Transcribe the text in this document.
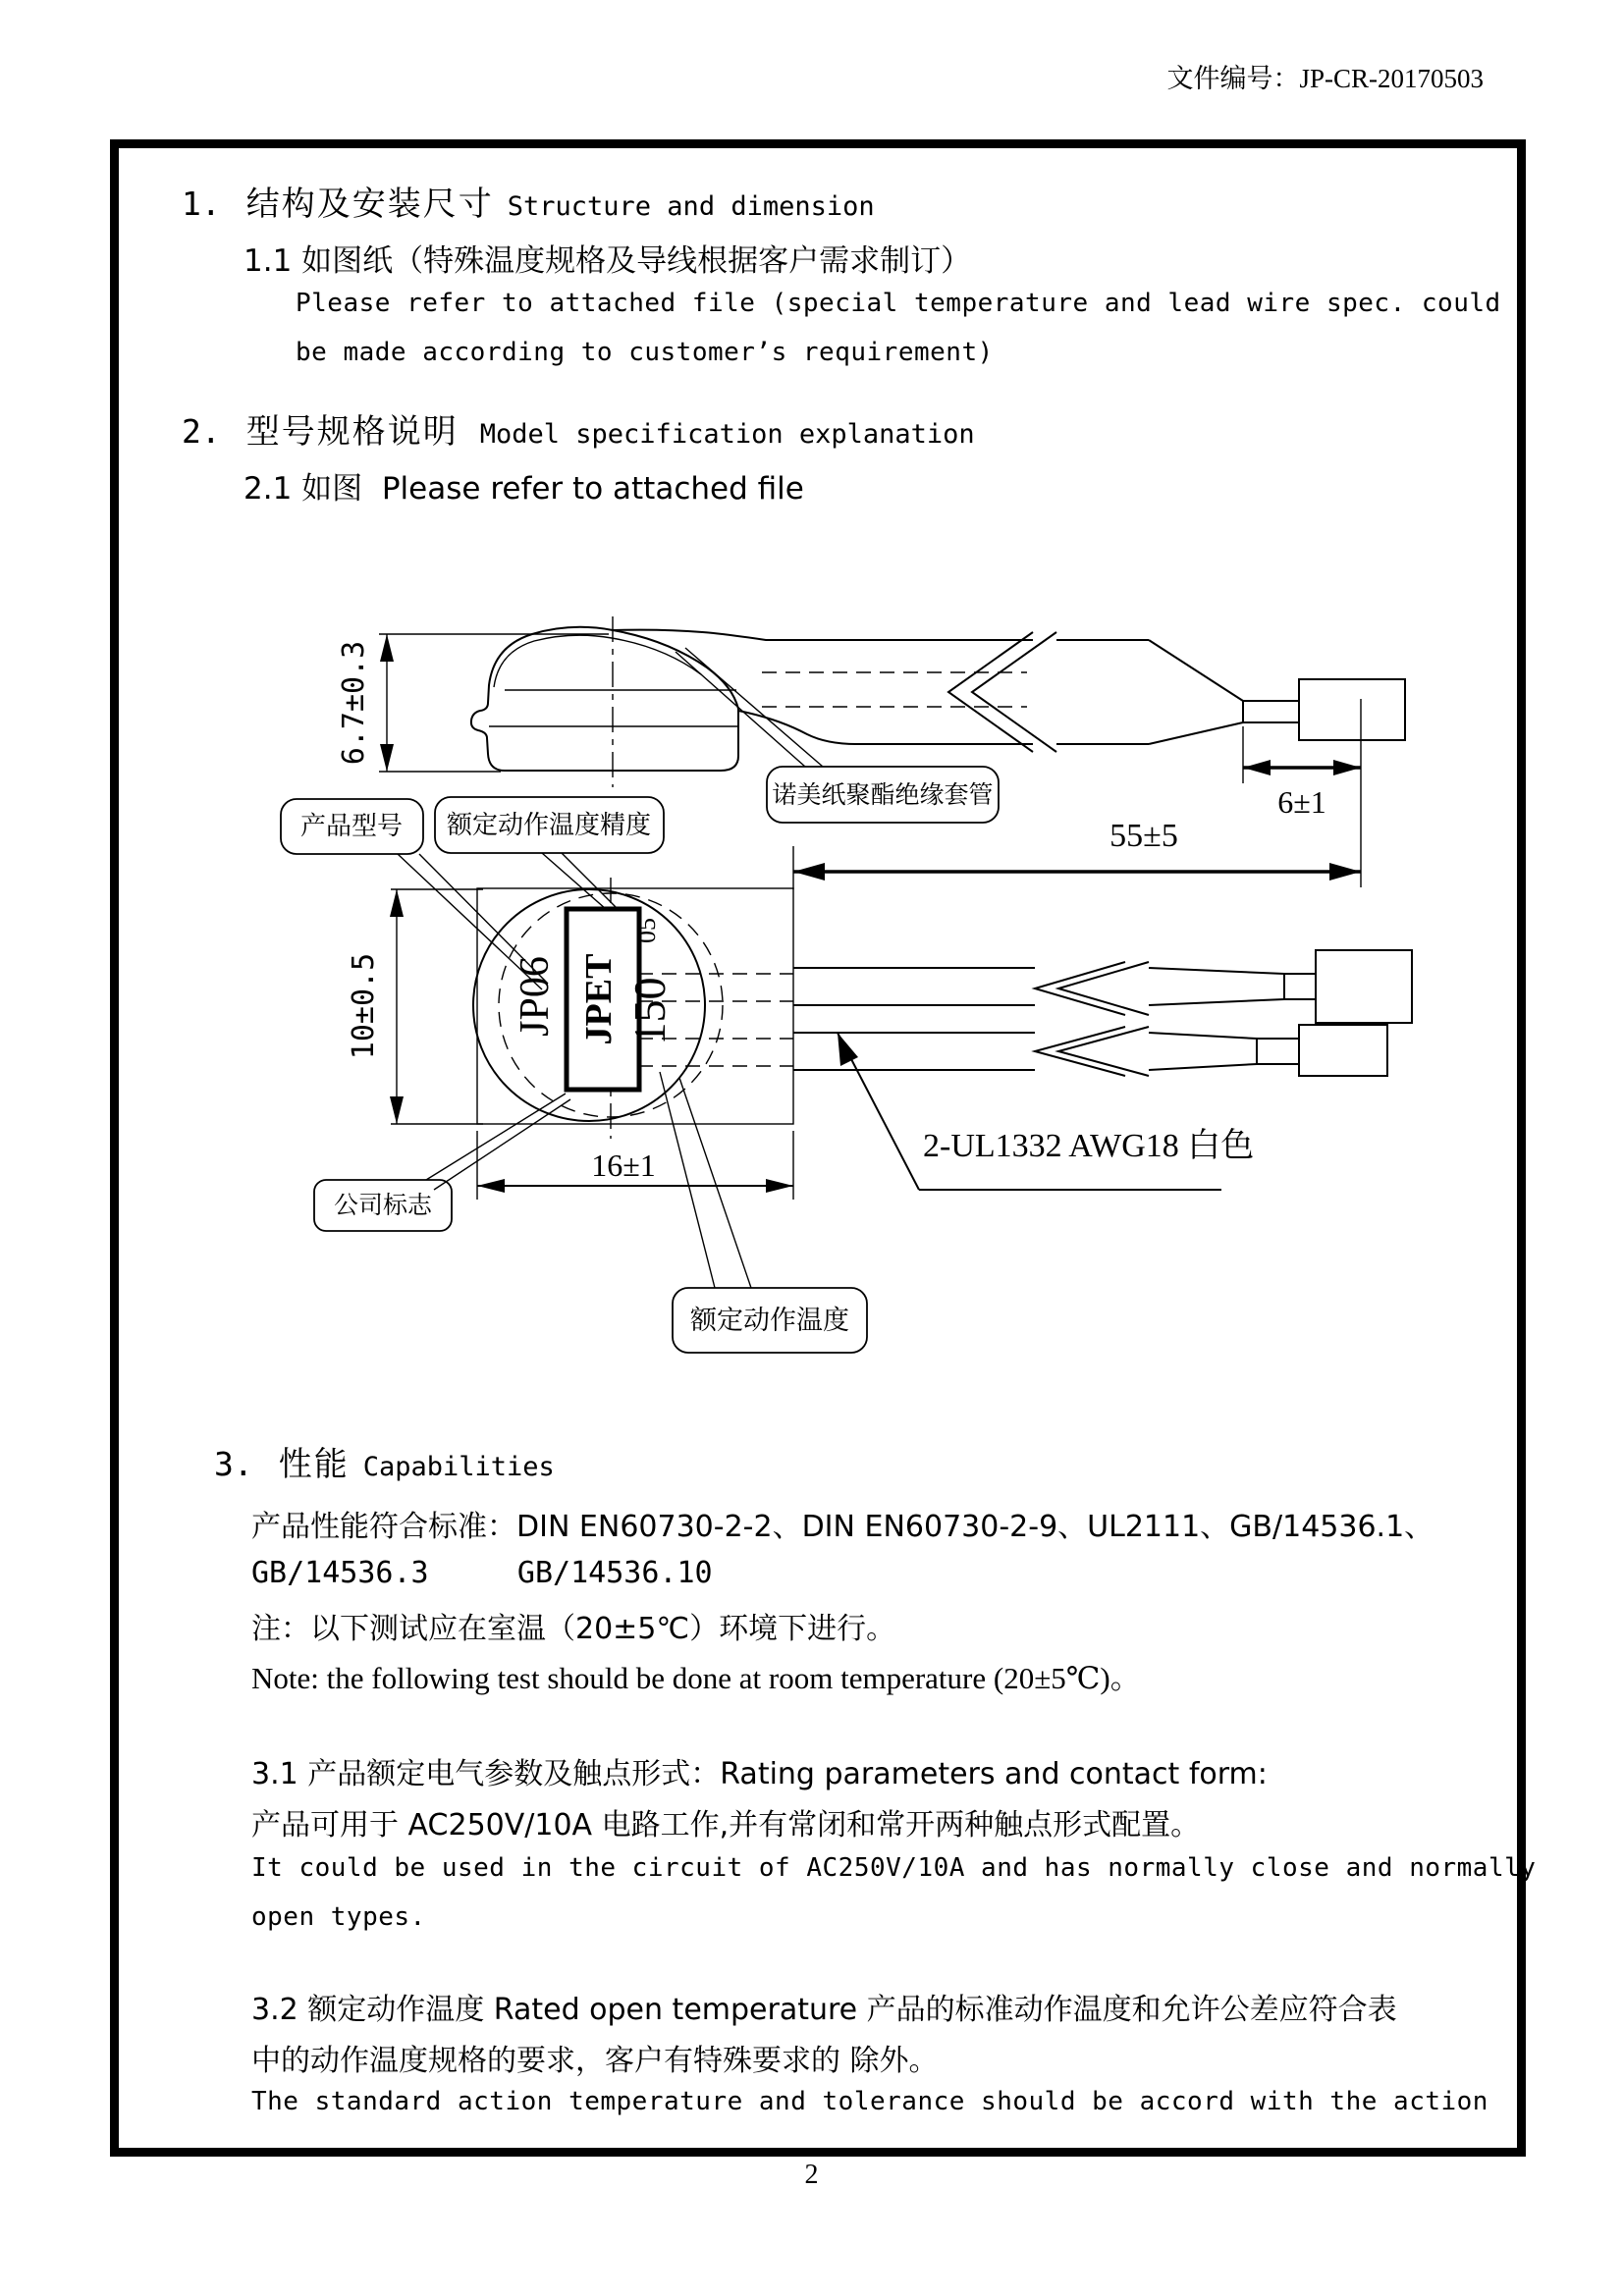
文件编号：JP-CR-20170503
1. 结构及安装尺寸 Structure and dimension
1.1 如图纸（特殊温度规格及导线根据客户需求制订）
Please refer to attached file (special temperature and lead wire spec. could
be made according to customer’s requirement)
2. 型号规格说明 Model specification explanation
2.1 如图  Please refer to attached file
6.7±0.3
6±1
55±5
产品型号 额定动作温度精度
诺美纸聚酯绝缘套管
10±0.5
16±1
JP06 JPET
05
150
2-UL1332 AWG18 白色
公司标志
额定动作温度
3. 性能 Capabilities
产品性能符合标准：DIN EN60730-2-2、DIN EN60730-2-9、UL2111、GB/14536.1、
GB/14536.3     GB/14536.10
注：以下测试应在室温（20±5℃）环境下进行。
Note: the following test should be done at room temperature (20±5℃)。
3.1 产品额定电气参数及触点形式：Rating parameters and contact form:
产品可用于 AC250V/10A 电路工作,并有常闭和常开两种触点形式配置。
It could be used in the circuit of AC250V/10A and has normally close and normally
open types.
3.2 额定动作温度 Rated open temperature 产品的标准动作温度和允许公差应符合表
中的动作温度规格的要求，客户有特殊要求的 除外。
The standard action temperature and tolerance should be accord with the action
2
